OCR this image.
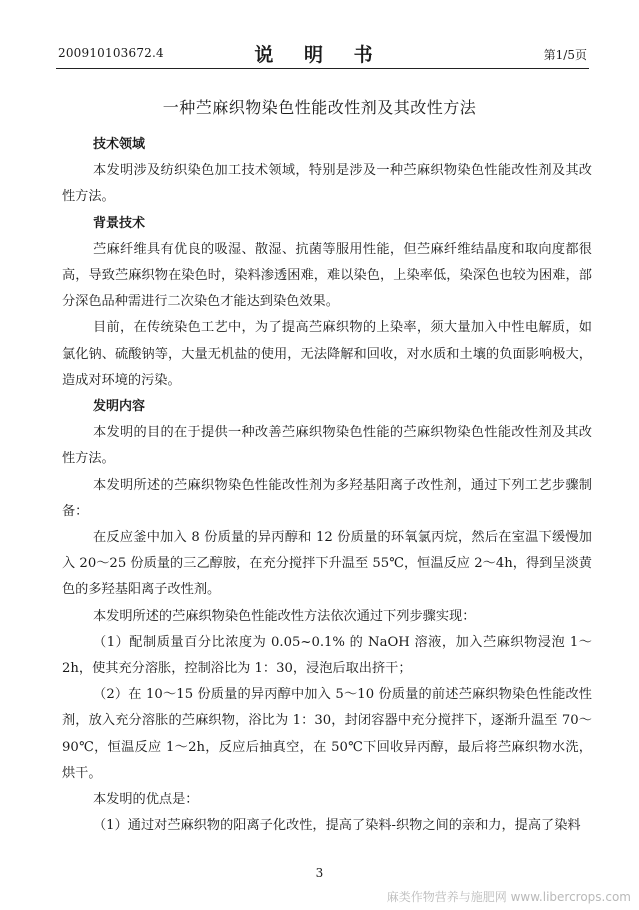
200910103672.4	说 明 书	第1/5页
一种苎麻织物染色性能改性剂及其改性方法

技术领域

本发明涉及纺织染色加工技术领域，特别是涉及一种苎麻织物染色性能改性剂及其改性方法。

背景技术

苎麻纤维具有优良的吸湿、散湿、抗菌等服用性能，但苎麻纤维结晶度和取向度都很高，导致苎麻织物在染色时，染料渗透困难，难以染色，上染率低，染深色也较为困难，部分深色品种需进行二次染色才能达到染色效果。

目前，在传统染色工艺中，为了提高苎麻织物的上染率，须大量加入中性电解质，如氯化钠、硫酸钠等，大量无机盐的使用，无法降解和回收，对水质和土壤的负面影响极大，造成对环境的污染。

发明内容

本发明的目的在于提供一种改善苎麻织物染色性能的苎麻织物染色性能改性剂及其改性方法。

本发明所述的苎麻织物染色性能改性剂为多羟基阳离子改性剂，通过下列工艺步骤制备：

在反应釜中加入 8 份质量的异丙醇和 12 份质量的环氧氯丙烷，然后在室温下缓慢加入 20～25 份质量的三乙醇胺，在充分搅拌下升温至 55℃，恒温反应 2～4h，得到呈淡黄色的多羟基阳离子改性剂。

本发明所述的苎麻织物染色性能改性方法依次通过下列步骤实现：

（1）配制质量百分比浓度为 0.05~0.1% 的 NaOH 溶液，加入苎麻织物浸泡 1～2h，使其充分溶胀，控制浴比为 1：30，浸泡后取出挤干；

（2）在 10～15 份质量的异丙醇中加入 5～10 份质量的前述苎麻织物染色性能改性剂，放入充分溶胀的苎麻织物，浴比为 1：30，封闭容器中充分搅拌下，逐渐升温至 70～90℃，恒温反应 1～2h，反应后抽真空，在 50℃下回收异丙醇，最后将苎麻织物水洗，烘干。

本发明的优点是：

（1）通过对苎麻织物的阳离子化改性，提高了染料-织物之间的亲和力，提高了染料

3
麻类作物营养与施肥网 www.libercrops.com
